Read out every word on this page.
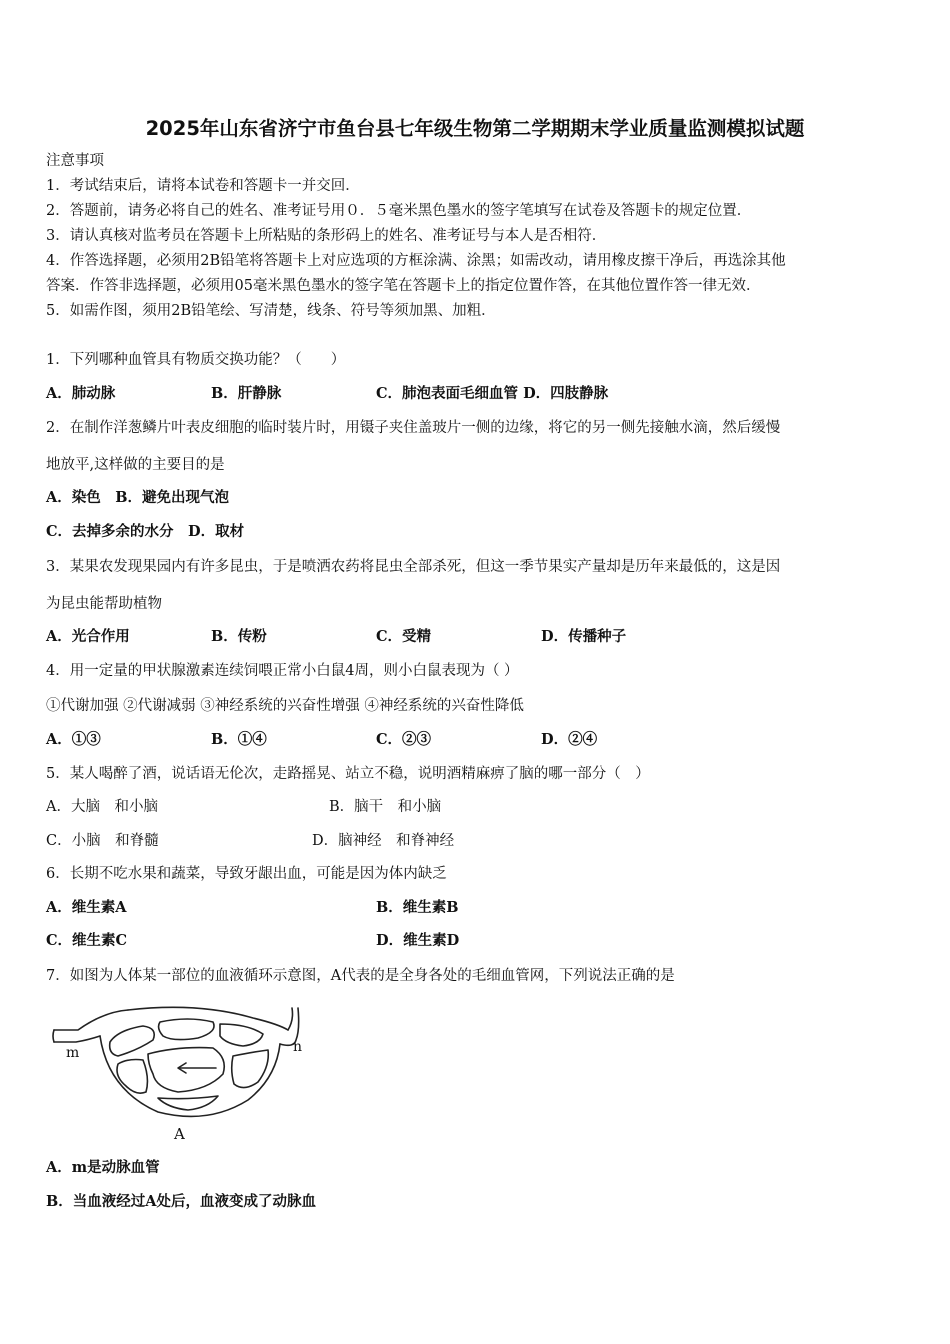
2025年山东省济宁市鱼台县七年级生物第二学期期末学业质量监测模拟试题
注意事项
1．考试结束后，请将本试卷和答题卡一并交回．
2．答题前，请务必将自己的姓名、准考证号用０．５毫米黑色墨水的签字笔填写在试卷及答题卡的规定位置．
3．请认真核对监考员在答题卡上所粘贴的条形码上的姓名、准考证号与本人是否相符．
4．作答选择题，必须用2B铅笔将答题卡上对应选项的方框涂满、涂黑；如需改动，请用橡皮擦干净后，再选涂其他
答案．作答非选择题，必须用05毫米黑色墨水的签字笔在答题卡上的指定位置作答，在其他位置作答一律无效．
5．如需作图，须用2B铅笔绘、写清楚，线条、符号等须加黑、加粗．
1．下列哪种血管具有物质交换功能？（　　）
A．肺动脉	B．肝静脉	C．肺泡表面毛细血管 D．四肢静脉
2．在制作洋葱鳞片叶表皮细胞的临时装片时，用镊子夹住盖玻片一侧的边缘，将它的另一侧先接触水滴，然后缓慢
地放平,这样做的主要目的是
A．染色　B．避免出现气泡
C．去掉多余的水分　D．取材
3．某果农发现果园内有许多昆虫，于是喷洒农药将昆虫全部杀死，但这一季节果实产量却是历年来最低的，这是因
为昆虫能帮助植物
A．光合作用	B．传粉	C．受精	D．传播种子
4．用一定量的甲状腺激素连续饲喂正常小白鼠4周，则小白鼠表现为（ ）
①代谢加强 ②代谢减弱 ③神经系统的兴奋性增强 ④神经系统的兴奋性降低
A．①③	B．①④	C．②③	D．②④
5．某人喝醉了酒，说话语无伦次，走路摇晃、站立不稳，说明酒精麻痹了脑的哪一部分（　）
A．大脑　和小脑	B．脑干　和小脑
C．小脑　和脊髓	D．脑神经　和脊神经
6．长期不吃水果和蔬菜，导致牙龈出血，可能是因为体内缺乏
A．维生素A	B．维生素B
C．维生素C	D．维生素D
7．如图为人体某一部位的血液循环示意图，A代表的是全身各处的毛细血管网，下列说法正确的是
m	n
A
A．m是动脉血管
B．当血液经过A处后，血液变成了动脉血
